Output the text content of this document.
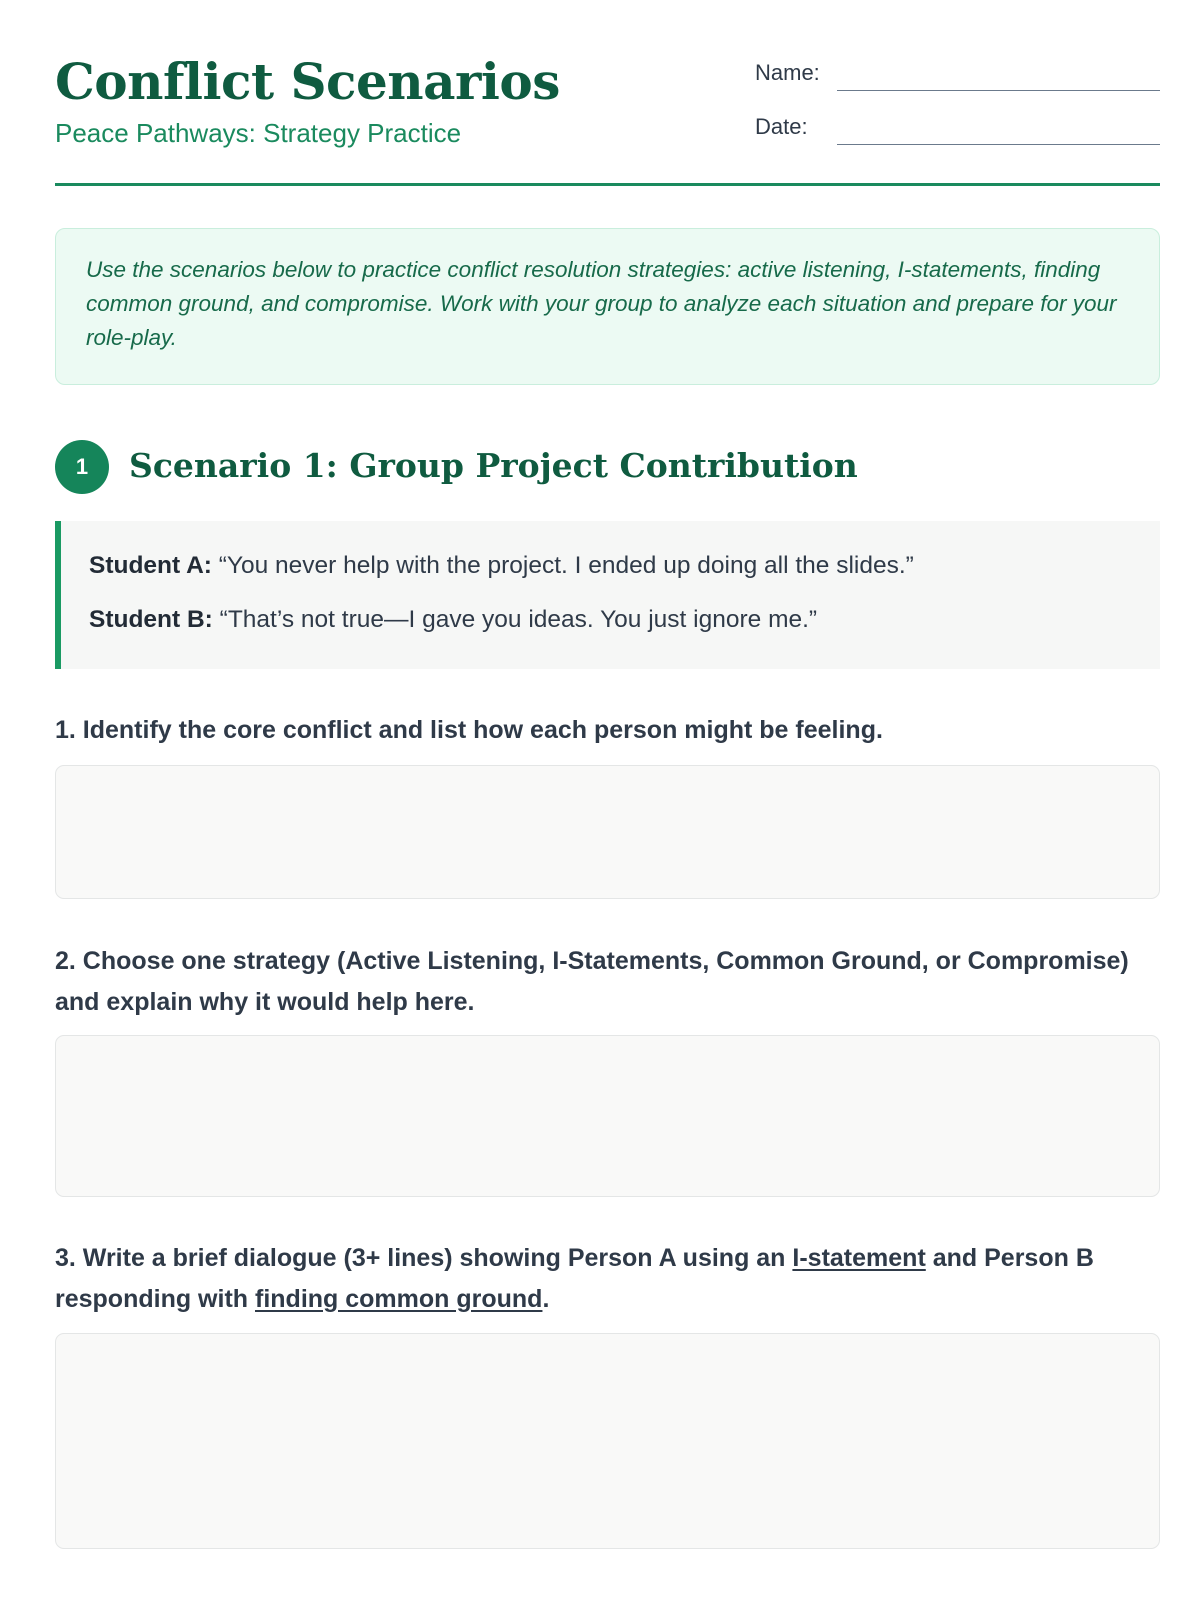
Conflict Scenarios

Peace Pathways: Strategy Practice

Name:
Date:
Use the scenarios below to practice conflict resolution strategies: active listening, I-statements, finding common ground, and compromise. Work with your group to analyze each situation and prepare for your role-play.
1	Scenario 1: Group Project Contribution
Student A: “You never help with the project. I ended up doing all the slides.”
Student B: “That’s not true—I gave you ideas. You just ignore me.”

1. Identify the core conflict and list how each person might be feeling.

2. Choose one strategy (Active Listening, I-Statements, Common Ground, or Compromise) and explain why it would help here.

3. Write a brief dialogue (3+ lines) showing Person A using an I-statement and Person B responding with finding common ground.
